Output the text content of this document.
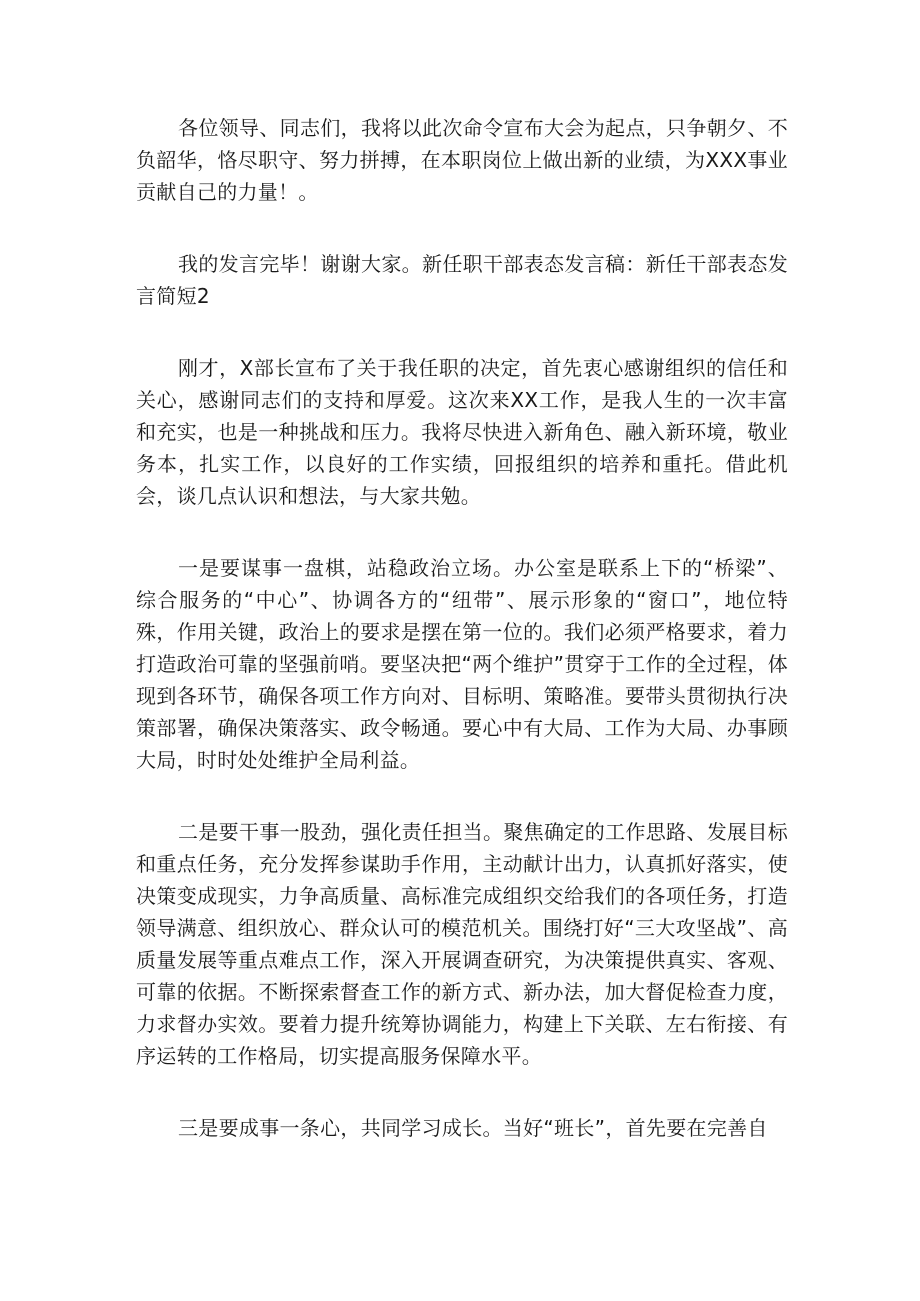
各位领导、同志们，我将以此次命令宣布大会为起点，只争朝夕、不负韶华，恪尽职守、努力拼搏，在本职岗位上做出新的业绩，为XXX事业贡献自己的力量！。

我的发言完毕！谢谢大家。新任职干部表态发言稿：新任干部表态发言简短2

刚才，X部长宣布了关于我任职的决定，首先衷心感谢组织的信任和关心，感谢同志们的支持和厚爱。这次来XX工作，是我人生的一次丰富和充实，也是一种挑战和压力。我将尽快进入新角色、融入新环境，敬业务本，扎实工作，以良好的工作实绩，回报组织的培养和重托。借此机会，谈几点认识和想法，与大家共勉。

一是要谋事一盘棋，站稳政治立场。办公室是联系上下的“桥梁”、综合服务的“中心”、协调各方的“纽带”、展示形象的“窗口”，地位特殊，作用关键，政治上的要求是摆在第一位的。我们必须严格要求，着力打造政治可靠的坚强前哨。要坚决把“两个维护”贯穿于工作的全过程，体现到各环节，确保各项工作方向对、目标明、策略准。要带头贯彻执行决策部署，确保决策落实、政令畅通。要心中有大局、工作为大局、办事顾大局，时时处处维护全局利益。

二是要干事一股劲，强化责任担当。聚焦确定的工作思路、发展目标和重点任务，充分发挥参谋助手作用，主动献计出力，认真抓好落实，使决策变成现实，力争高质量、高标准完成组织交给我们的各项任务，打造领导满意、组织放心、群众认可的模范机关。围绕打好“三大攻坚战”、高质量发展等重点难点工作，深入开展调查研究，为决策提供真实、客观、可靠的依据。不断探索督查工作的新方式、新办法，加大督促检查力度，力求督办实效。要着力提升统筹协调能力，构建上下关联、左右衔接、有序运转的工作格局，切实提高服务保障水平。

三是要成事一条心，共同学习成长。当好“班长”，首先要在完善自
